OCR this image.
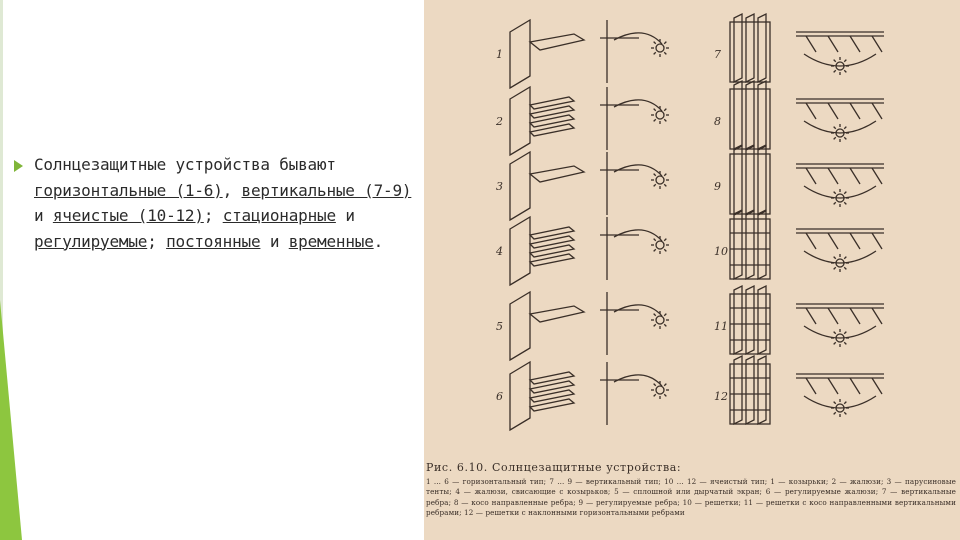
Солнцезащитные устройства бывают горизонтальные (1-6), вертикальные (7-9) и ячеистые (10-12); стационарные и регулируемые; постоянные и временные.
1
2
3
4
5
6
7
8
9
10
11
12
Рис. 6.10. Солнцезащитные устройства:
1 ... 6 — горизонтальный тип; 7 ... 9 — вертикальный тип; 10 ... 12 — ячеистый тип; 1 — козырьки; 2 — жалюзи; 3 — парусиновые тенты; 4 — жалюзи, свисающие с козырьков; 5 — сплошной или дырчатый экран; 6 — регулируемые жалюзи; 7 — вертикальные ребра; 8 — косо направленные ребра; 9 — регулируемые ребра; 10 — решетки; 11 — решетки с косо направленными вертикальными ребрами; 12 — решетки с наклонными горизонтальными ребрами
